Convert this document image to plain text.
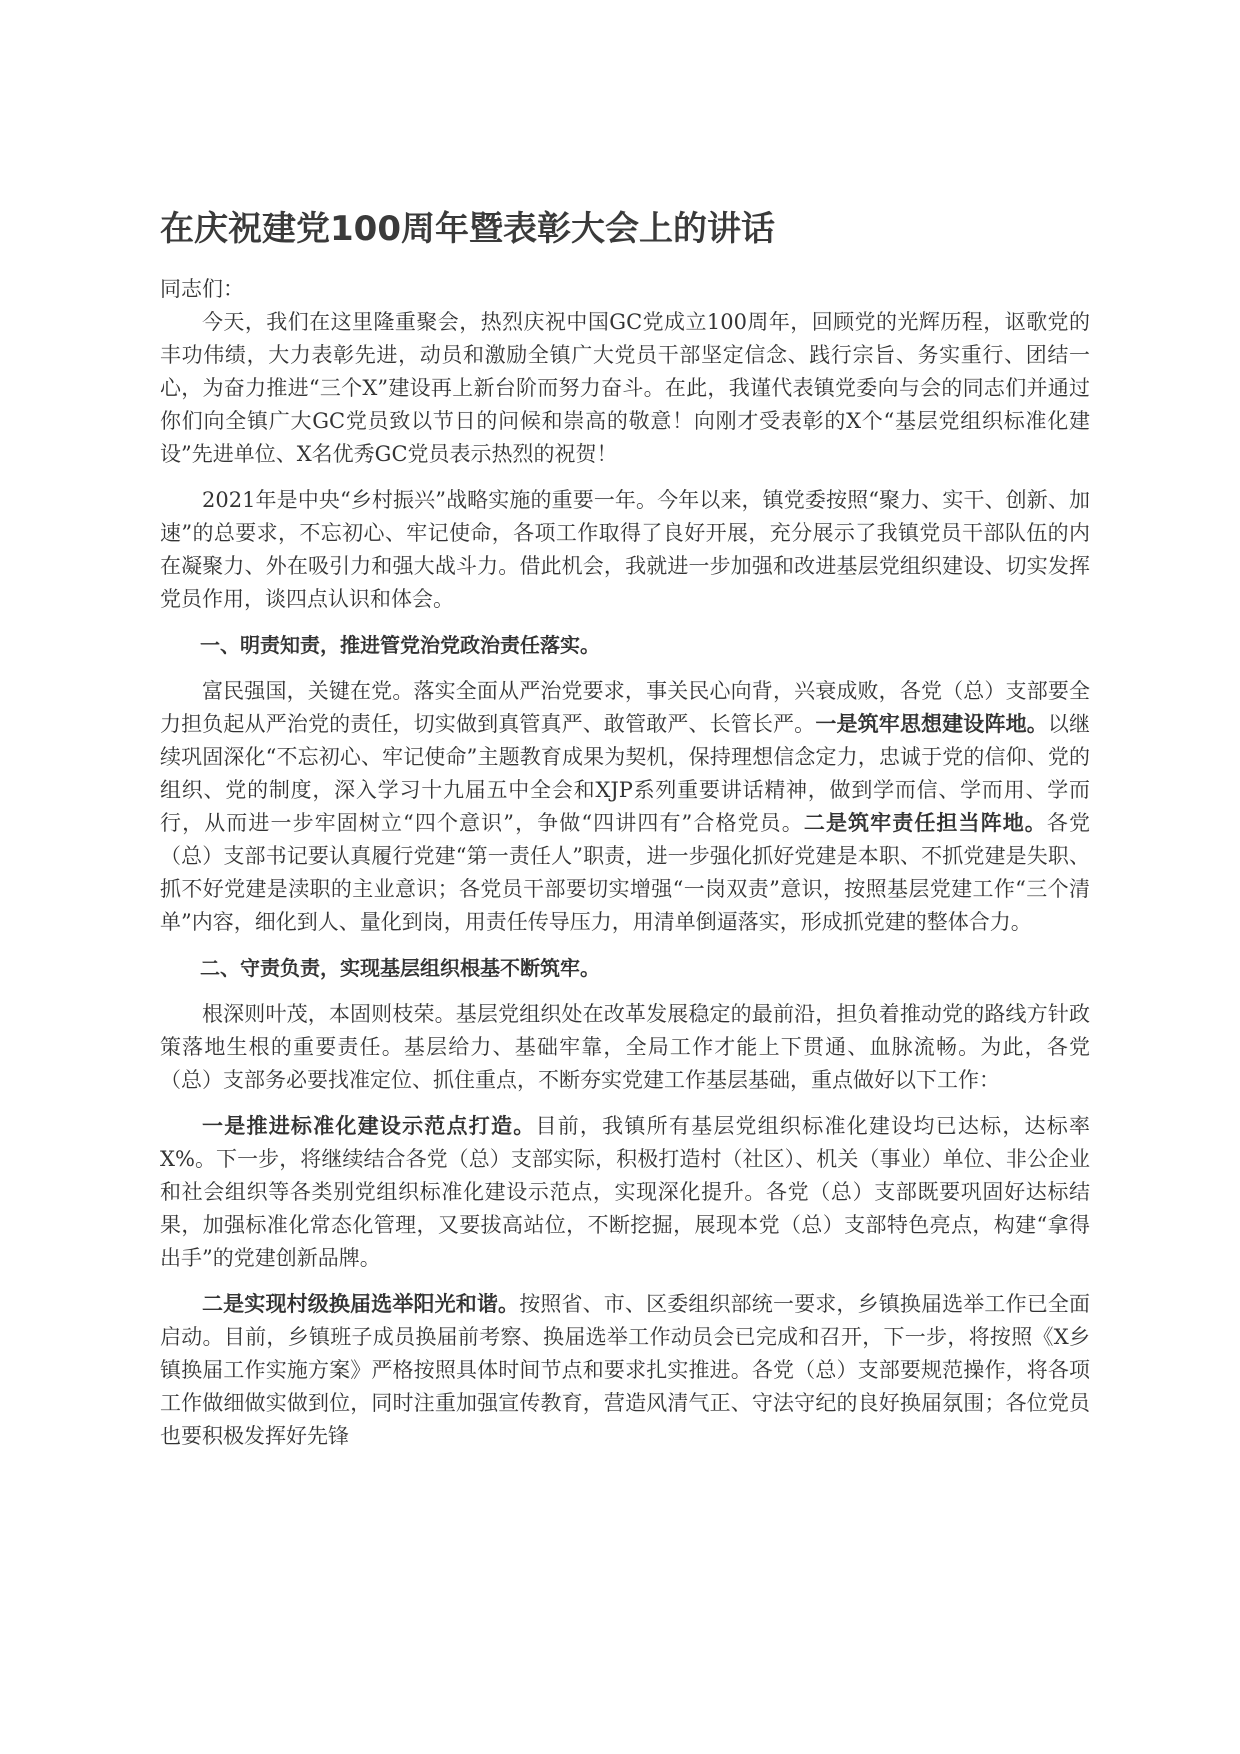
在庆祝建党100周年暨表彰大会上的讲话

同志们：

今天，我们在这里隆重聚会，热烈庆祝中国GC党成立100周年，回顾党的光辉历程，讴歌党的丰功伟绩，大力表彰先进，动员和激励全镇广大党员干部坚定信念、践行宗旨、务实重行、团结一心，为奋力推进“三个X”建设再上新台阶而努力奋斗。在此，我谨代表镇党委向与会的同志们并通过你们向全镇广大GC党员致以节日的问候和崇高的敬意！向刚才受表彰的X个“基层党组织标准化建设”先进单位、X名优秀GC党员表示热烈的祝贺！

2021年是中央“乡村振兴”战略实施的重要一年。今年以来，镇党委按照“聚力、实干、创新、加速”的总要求，不忘初心、牢记使命，各项工作取得了良好开展，充分展示了我镇党员干部队伍的内在凝聚力、外在吸引力和强大战斗力。借此机会，我就进一步加强和改进基层党组织建设、切实发挥党员作用，谈四点认识和体会。

一、明责知责，推进管党治党政治责任落实。

富民强国，关键在党。落实全面从严治党要求，事关民心向背，兴衰成败，各党（总）支部要全力担负起从严治党的责任，切实做到真管真严、敢管敢严、长管长严。一是筑牢思想建设阵地。以继续巩固深化“不忘初心、牢记使命”主题教育成果为契机，保持理想信念定力，忠诚于党的信仰、党的组织、党的制度，深入学习十九届五中全会和XJP系列重要讲话精神，做到学而信、学而用、学而行，从而进一步牢固树立“四个意识”，争做“四讲四有”合格党员。二是筑牢责任担当阵地。各党（总）支部书记要认真履行党建“第一责任人”职责，进一步强化抓好党建是本职、不抓党建是失职、抓不好党建是渎职的主业意识；各党员干部要切实增强“一岗双责”意识，按照基层党建工作“三个清单”内容，细化到人、量化到岗，用责任传导压力，用清单倒逼落实，形成抓党建的整体合力。

二、守责负责，实现基层组织根基不断筑牢。

根深则叶茂，本固则枝荣。基层党组织处在改革发展稳定的最前沿，担负着推动党的路线方针政策落地生根的重要责任。基层给力、基础牢靠，全局工作才能上下贯通、血脉流畅。为此，各党（总）支部务必要找准定位、抓住重点，不断夯实党建工作基层基础，重点做好以下工作：

一是推进标准化建设示范点打造。目前，我镇所有基层党组织标准化建设均已达标，达标率X%。下一步，将继续结合各党（总）支部实际，积极打造村（社区）、机关（事业）单位、非公企业和社会组织等各类别党组织标准化建设示范点，实现深化提升。各党（总）支部既要巩固好达标结果，加强标准化常态化管理，又要拔高站位，不断挖掘，展现本党（总）支部特色亮点，构建“拿得出手”的党建创新品牌。

二是实现村级换届选举阳光和谐。按照省、市、区委组织部统一要求，乡镇换届选举工作已全面启动。目前，乡镇班子成员换届前考察、换届选举工作动员会已完成和召开，下一步，将按照《X乡镇换届工作实施方案》严格按照具体时间节点和要求扎实推进。各党（总）支部要规范操作，将各项工作做细做实做到位，同时注重加强宣传教育，营造风清气正、守法守纪的良好换届氛围；各位党员也要积极发挥好先锋
